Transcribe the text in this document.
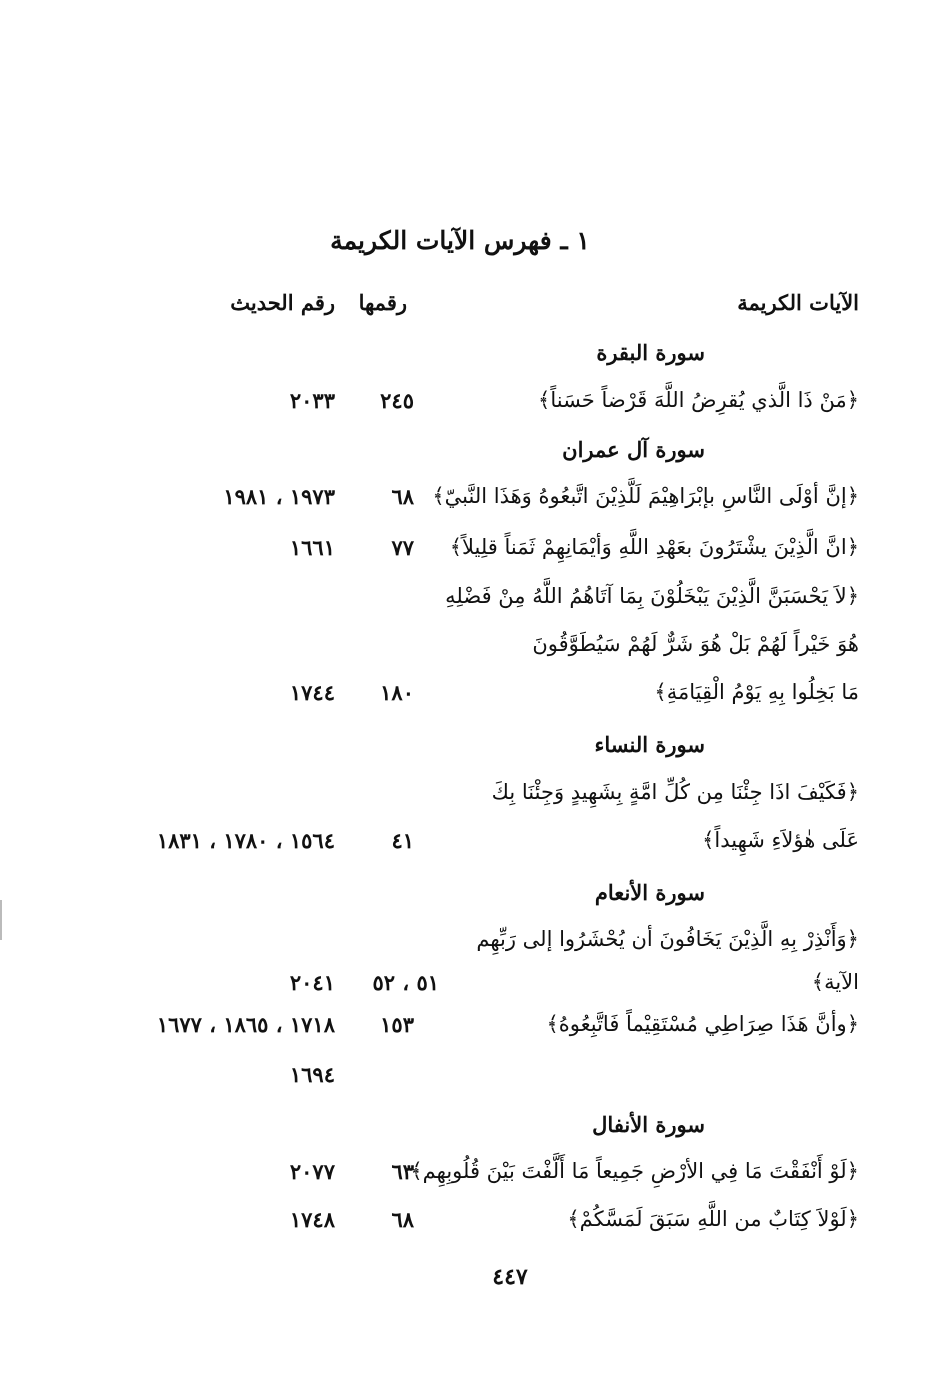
١ ـ فهرس الآيات الكريمة
الآيات الكريمة
رقمها
رقم الحديث
سورة البقرة
﴿مَنْ ذَا الَّذي يُقرِضُ اللَّهَ قَرْضاً حَسَناً﴾
٢٤٥
٢٠٣٣
سورة آل عمران
﴿إنَّ أوْلَى النَّاسِ بإبْرَاهِيْمَ لَلَّذِيْنَ اتَّبعُوهُ وَهَذَا النَّبيّ﴾
٦٨
١٩٧٣ ، ١٩٨١
﴿انَّ الَّذِيْنَ يشْتَرُونَ بعَهْدِ اللَّهِ وَأيْمَانِهِمْ ثَمَناً قلِيلاً﴾
٧٧
١٦٦١
﴿لاَ يَحْسَبَنَّ الَّذِيْنَ يَبْخَلُوْنَ بِمَا آتَاهُمُ اللَّهُ مِنْ فَضْلِهِ
هُوَ خَيْراً لَهُمْ بَلْ هُوَ شَرٌّ لَهُمْ سَيُطَوَّقُونَ
مَا بَخِلُوا بِهِ يَوْمُ الْقِيَامَةِ﴾
١٨٠
١٧٤٤
سورة النساء
﴿فَكَيْفَ اذَا جِئْنَا مِن كُلِّ امَّةٍ بِشَهِيدٍ وَجِئْنَا بِكَ
عَلَى هٰؤلاَءِ شَهِيداً﴾
٤١
١٥٦٤ ، ١٧٨٠ ، ١٨٣١
سورة الأنعام
﴿وَأَنْذِرْ بِهِ الَّذِيْنَ يَخَافُونَ أن يُحْشَرُوا إلى رَبِّهِم
الآية﴾
٥١ ، ٥٢
٢٠٤١
﴿وأنَّ هَذَا صِرَاطِي مُسْتَقِيْماً فَاتَّبِعُوهُ﴾
١٥٣
١٧١٨ ، ١٨٦٥ ، ١٦٧٧
١٦٩٤
سورة الأنفال
﴿لَوْ أَنْفَقْتَ مَا فِي الأرْضِ جَمِيعاً مَا أَلَّفْتَ بَيْنَ قُلُوبِهِم﴾
٦٣
٢٠٧٧
﴿لَوْلاَ كِتَابٌ من اللَّهِ سَبَقَ لَمَسَّكُمْ﴾
٦٨
١٧٤٨
٤٤٧
